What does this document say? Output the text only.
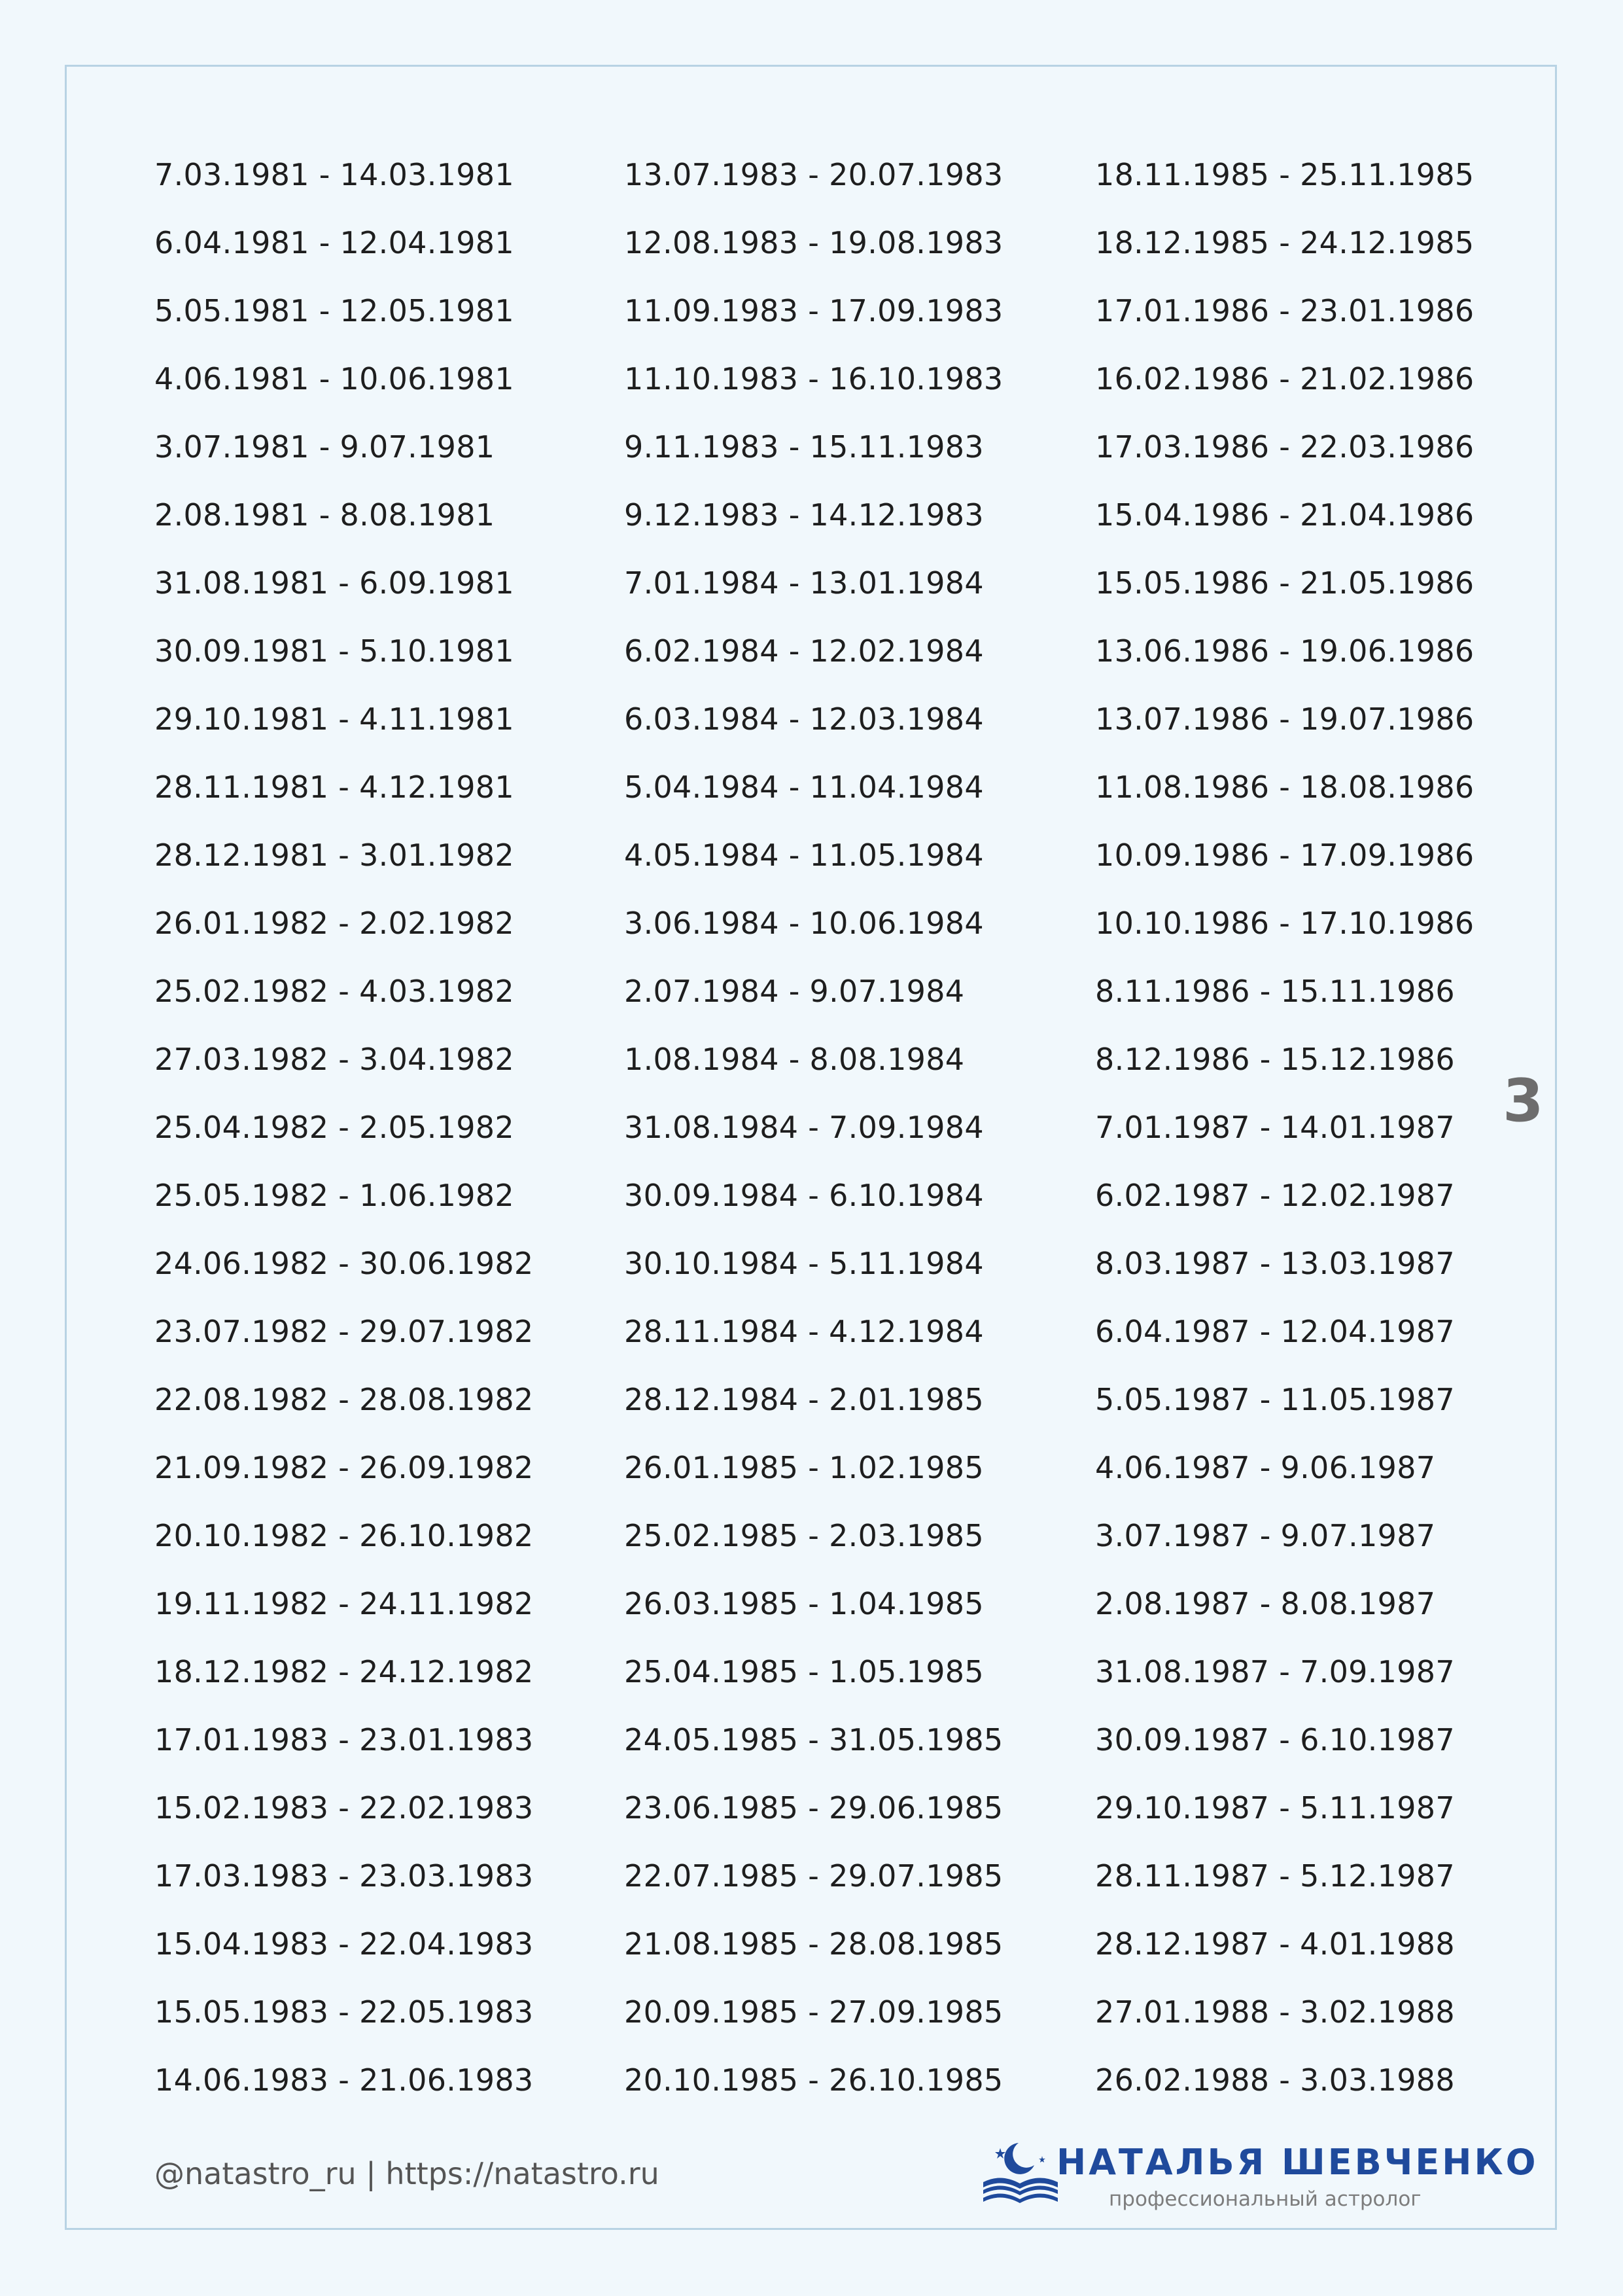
7.03.1981 - 14.03.1981
6.04.1981 - 12.04.1981
5.05.1981 - 12.05.1981
4.06.1981 - 10.06.1981
3.07.1981 - 9.07.1981
2.08.1981 - 8.08.1981
31.08.1981 - 6.09.1981
30.09.1981 - 5.10.1981
29.10.1981 - 4.11.1981
28.11.1981 - 4.12.1981
28.12.1981 - 3.01.1982
26.01.1982 - 2.02.1982
25.02.1982 - 4.03.1982
27.03.1982 - 3.04.1982
25.04.1982 - 2.05.1982
25.05.1982 - 1.06.1982
24.06.1982 - 30.06.1982
23.07.1982 - 29.07.1982
22.08.1982 - 28.08.1982
21.09.1982 - 26.09.1982
20.10.1982 - 26.10.1982
19.11.1982 - 24.11.1982
18.12.1982 - 24.12.1982
17.01.1983 - 23.01.1983
15.02.1983 - 22.02.1983
17.03.1983 - 23.03.1983
15.04.1983 - 22.04.1983
15.05.1983 - 22.05.1983
14.06.1983 - 21.06.1983
13.07.1983 - 20.07.1983
12.08.1983 - 19.08.1983
11.09.1983 - 17.09.1983
11.10.1983 - 16.10.1983
9.11.1983 - 15.11.1983
9.12.1983 - 14.12.1983
7.01.1984 - 13.01.1984
6.02.1984 - 12.02.1984
6.03.1984 - 12.03.1984
5.04.1984 - 11.04.1984
4.05.1984 - 11.05.1984
3.06.1984 - 10.06.1984
2.07.1984 - 9.07.1984
1.08.1984 - 8.08.1984
31.08.1984 - 7.09.1984
30.09.1984 - 6.10.1984
30.10.1984 - 5.11.1984
28.11.1984 - 4.12.1984
28.12.1984 - 2.01.1985
26.01.1985 - 1.02.1985
25.02.1985 - 2.03.1985
26.03.1985 - 1.04.1985
25.04.1985 - 1.05.1985
24.05.1985 - 31.05.1985
23.06.1985 - 29.06.1985
22.07.1985 - 29.07.1985
21.08.1985 - 28.08.1985
20.09.1985 - 27.09.1985
20.10.1985 - 26.10.1985
18.11.1985 - 25.11.1985
18.12.1985 - 24.12.1985
17.01.1986 - 23.01.1986
16.02.1986 - 21.02.1986
17.03.1986 - 22.03.1986
15.04.1986 - 21.04.1986
15.05.1986 - 21.05.1986
13.06.1986 - 19.06.1986
13.07.1986 - 19.07.1986
11.08.1986 - 18.08.1986
10.09.1986 - 17.09.1986
10.10.1986 - 17.10.1986
8.11.1986 - 15.11.1986
8.12.1986 - 15.12.1986
7.01.1987 - 14.01.1987
6.02.1987 - 12.02.1987
8.03.1987 - 13.03.1987
6.04.1987 - 12.04.1987
5.05.1987 - 11.05.1987
4.06.1987 - 9.06.1987
3.07.1987 - 9.07.1987
2.08.1987 - 8.08.1987
31.08.1987 - 7.09.1987
30.09.1987 - 6.10.1987
29.10.1987 - 5.11.1987
28.11.1987 - 5.12.1987
28.12.1987 - 4.01.1988
27.01.1988 - 3.02.1988
26.02.1988 - 3.03.1988
3
@natastro_ru | https://natastro.ru	НАТАЛЬЯ ШЕВЧЕНКО
профессиональный астролог
